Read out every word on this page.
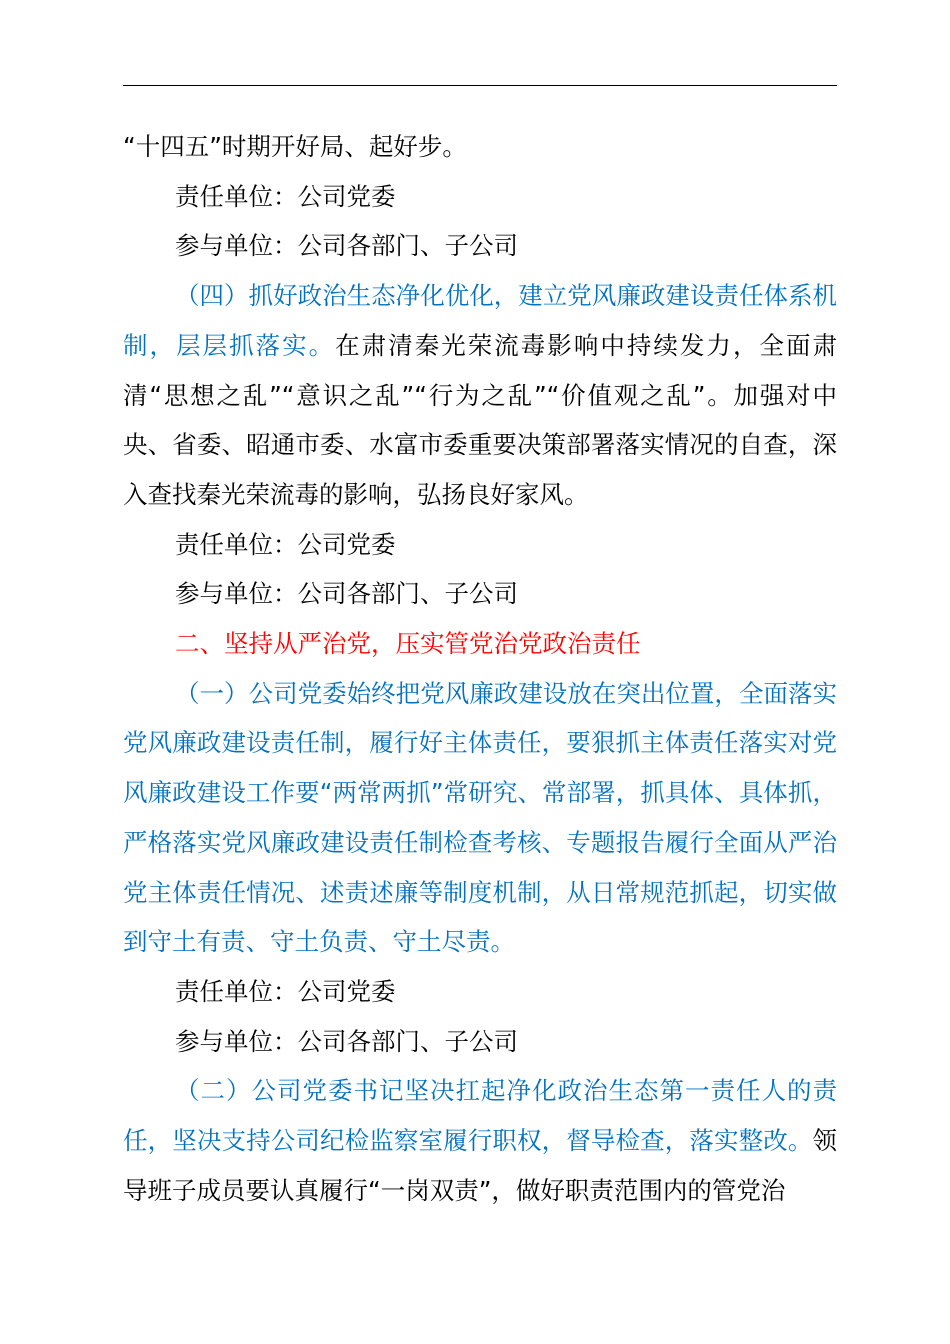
“十四五”时期开好局、起好步。

责任单位：公司党委

参与单位：公司各部门、子公司

（四）抓好政治生态净化优化，建立党风廉政建设责任体系机制，层层抓落实。在肃清秦光荣流毒影响中持续发力，全面肃清“思想之乱”“意识之乱”“行为之乱”“价值观之乱”。加强对中央、省委、昭通市委、水富市委重要决策部署落实情况的自查，深入查找秦光荣流毒的影响，弘扬良好家风。

责任单位：公司党委

参与单位：公司各部门、子公司

二、坚持从严治党，压实管党治党政治责任

（一）公司党委始终把党风廉政建设放在突出位置，全面落实党风廉政建设责任制，履行好主体责任，要狠抓主体责任落实对党风廉政建设工作要“两常两抓”常研究、常部署，抓具体、具体抓，严格落实党风廉政建设责任制检查考核、专题报告履行全面从严治党主体责任情况、述责述廉等制度机制，从日常规范抓起，切实做到守土有责、守土负责、守土尽责。

责任单位：公司党委

参与单位：公司各部门、子公司

（二）公司党委书记坚决扛起净化政治生态第一责任人的责任，坚决支持公司纪检监察室履行职权，督导检查，落实整改。领导班子成员要认真履行“一岗双责”，做好职责范围内的管党治
